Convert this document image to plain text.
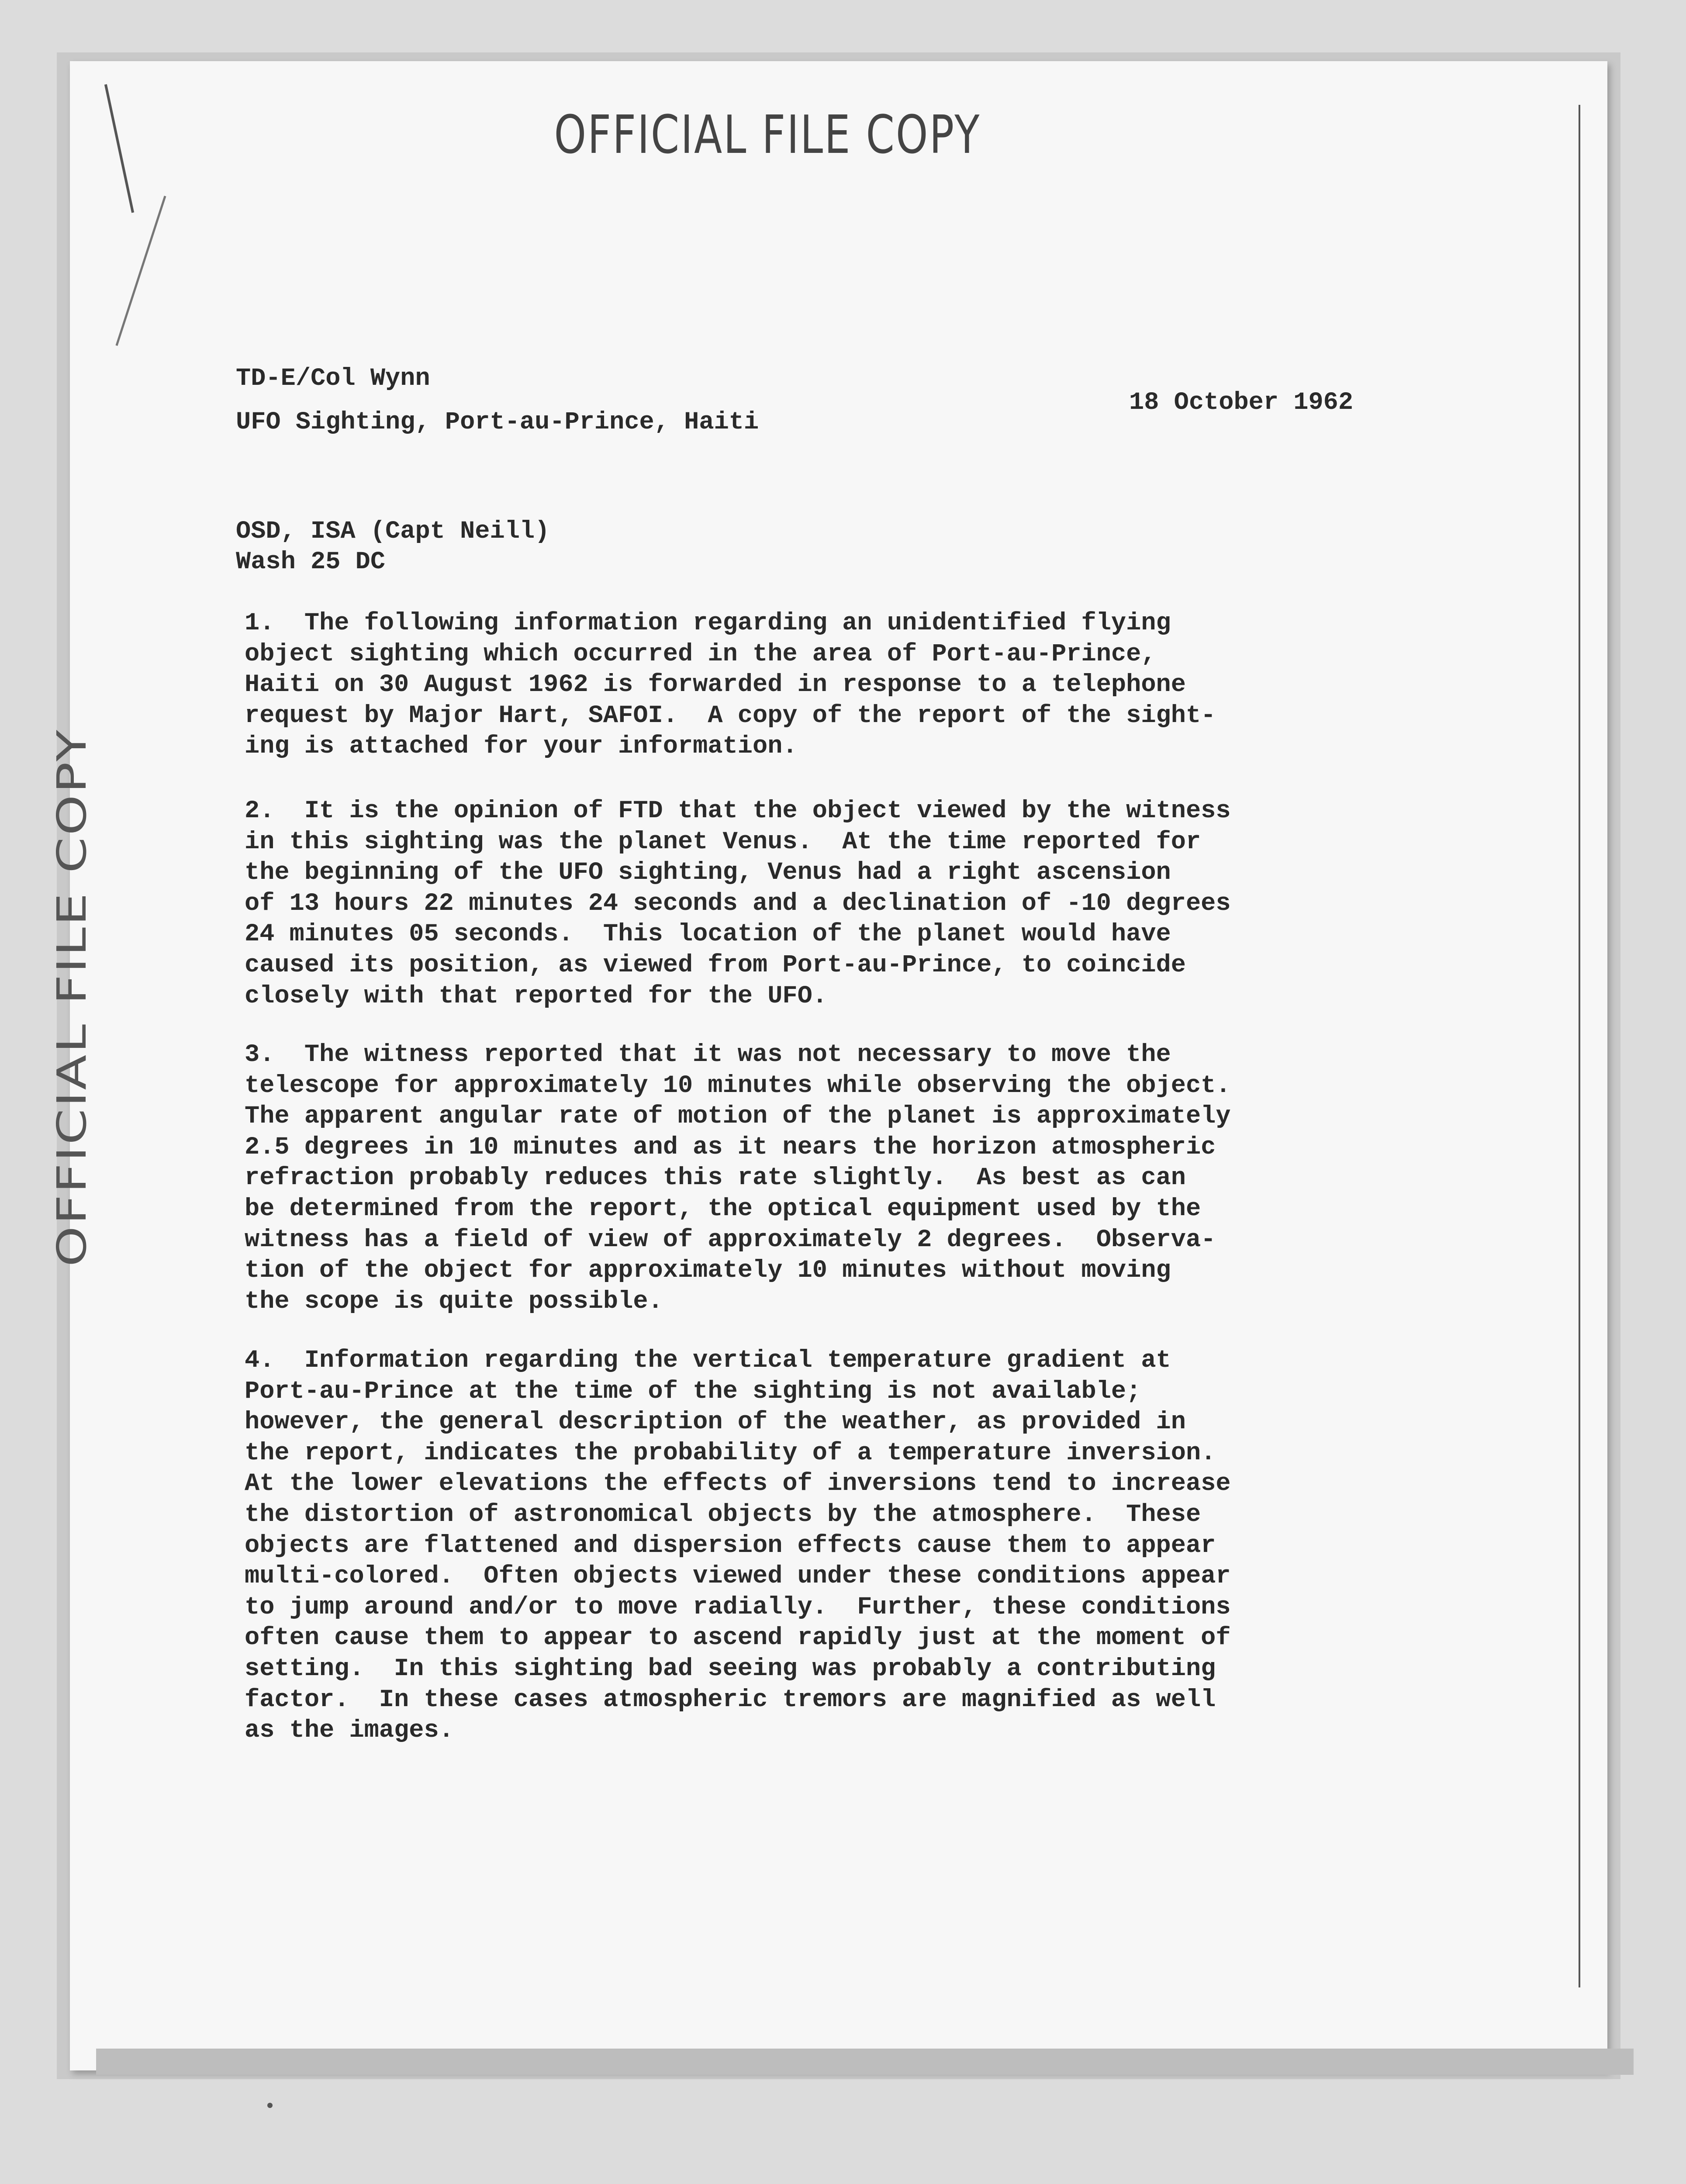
OFFICIAL FILE COPY
OFFICIAL FILE COPY
TD-E/Col Wynn
UFO Sighting, Port-au-Prince, Haiti
18 October 1962
OSD, ISA (Capt Neill)
Wash 25 DC

1.  The following information regarding an unidentified flying
object sighting which occurred in the area of Port-au-Prince,
Haiti on 30 August 1962 is forwarded in response to a telephone
request by Major Hart, SAFOI.  A copy of the report of the sight-
ing is attached for your information.

2.  It is the opinion of FTD that the object viewed by the witness
in this sighting was the planet Venus.  At the time reported for
the beginning of the UFO sighting, Venus had a right ascension
of 13 hours 22 minutes 24 seconds and a declination of -10 degrees
24 minutes 05 seconds.  This location of the planet would have
caused its position, as viewed from Port-au-Prince, to coincide
closely with that reported for the UFO.

3.  The witness reported that it was not necessary to move the
telescope for approximately 10 minutes while observing the object.
The apparent angular rate of motion of the planet is approximately
2.5 degrees in 10 minutes and as it nears the horizon atmospheric
refraction probably reduces this rate slightly.  As best as can
be determined from the report, the optical equipment used by the
witness has a field of view of approximately 2 degrees.  Observa-
tion of the object for approximately 10 minutes without moving
the scope is quite possible.

4.  Information regarding the vertical temperature gradient at
Port-au-Prince at the time of the sighting is not available;
however, the general description of the weather, as provided in
the report, indicates the probability of a temperature inversion.
At the lower elevations the effects of inversions tend to increase
the distortion of astronomical objects by the atmosphere.  These
objects are flattened and dispersion effects cause them to appear
multi-colored.  Often objects viewed under these conditions appear
to jump around and/or to move radially.  Further, these conditions
often cause them to appear to ascend rapidly just at the moment of
setting.  In this sighting bad seeing was probably a contributing
factor.  In these cases atmospheric tremors are magnified as well
as the images.
